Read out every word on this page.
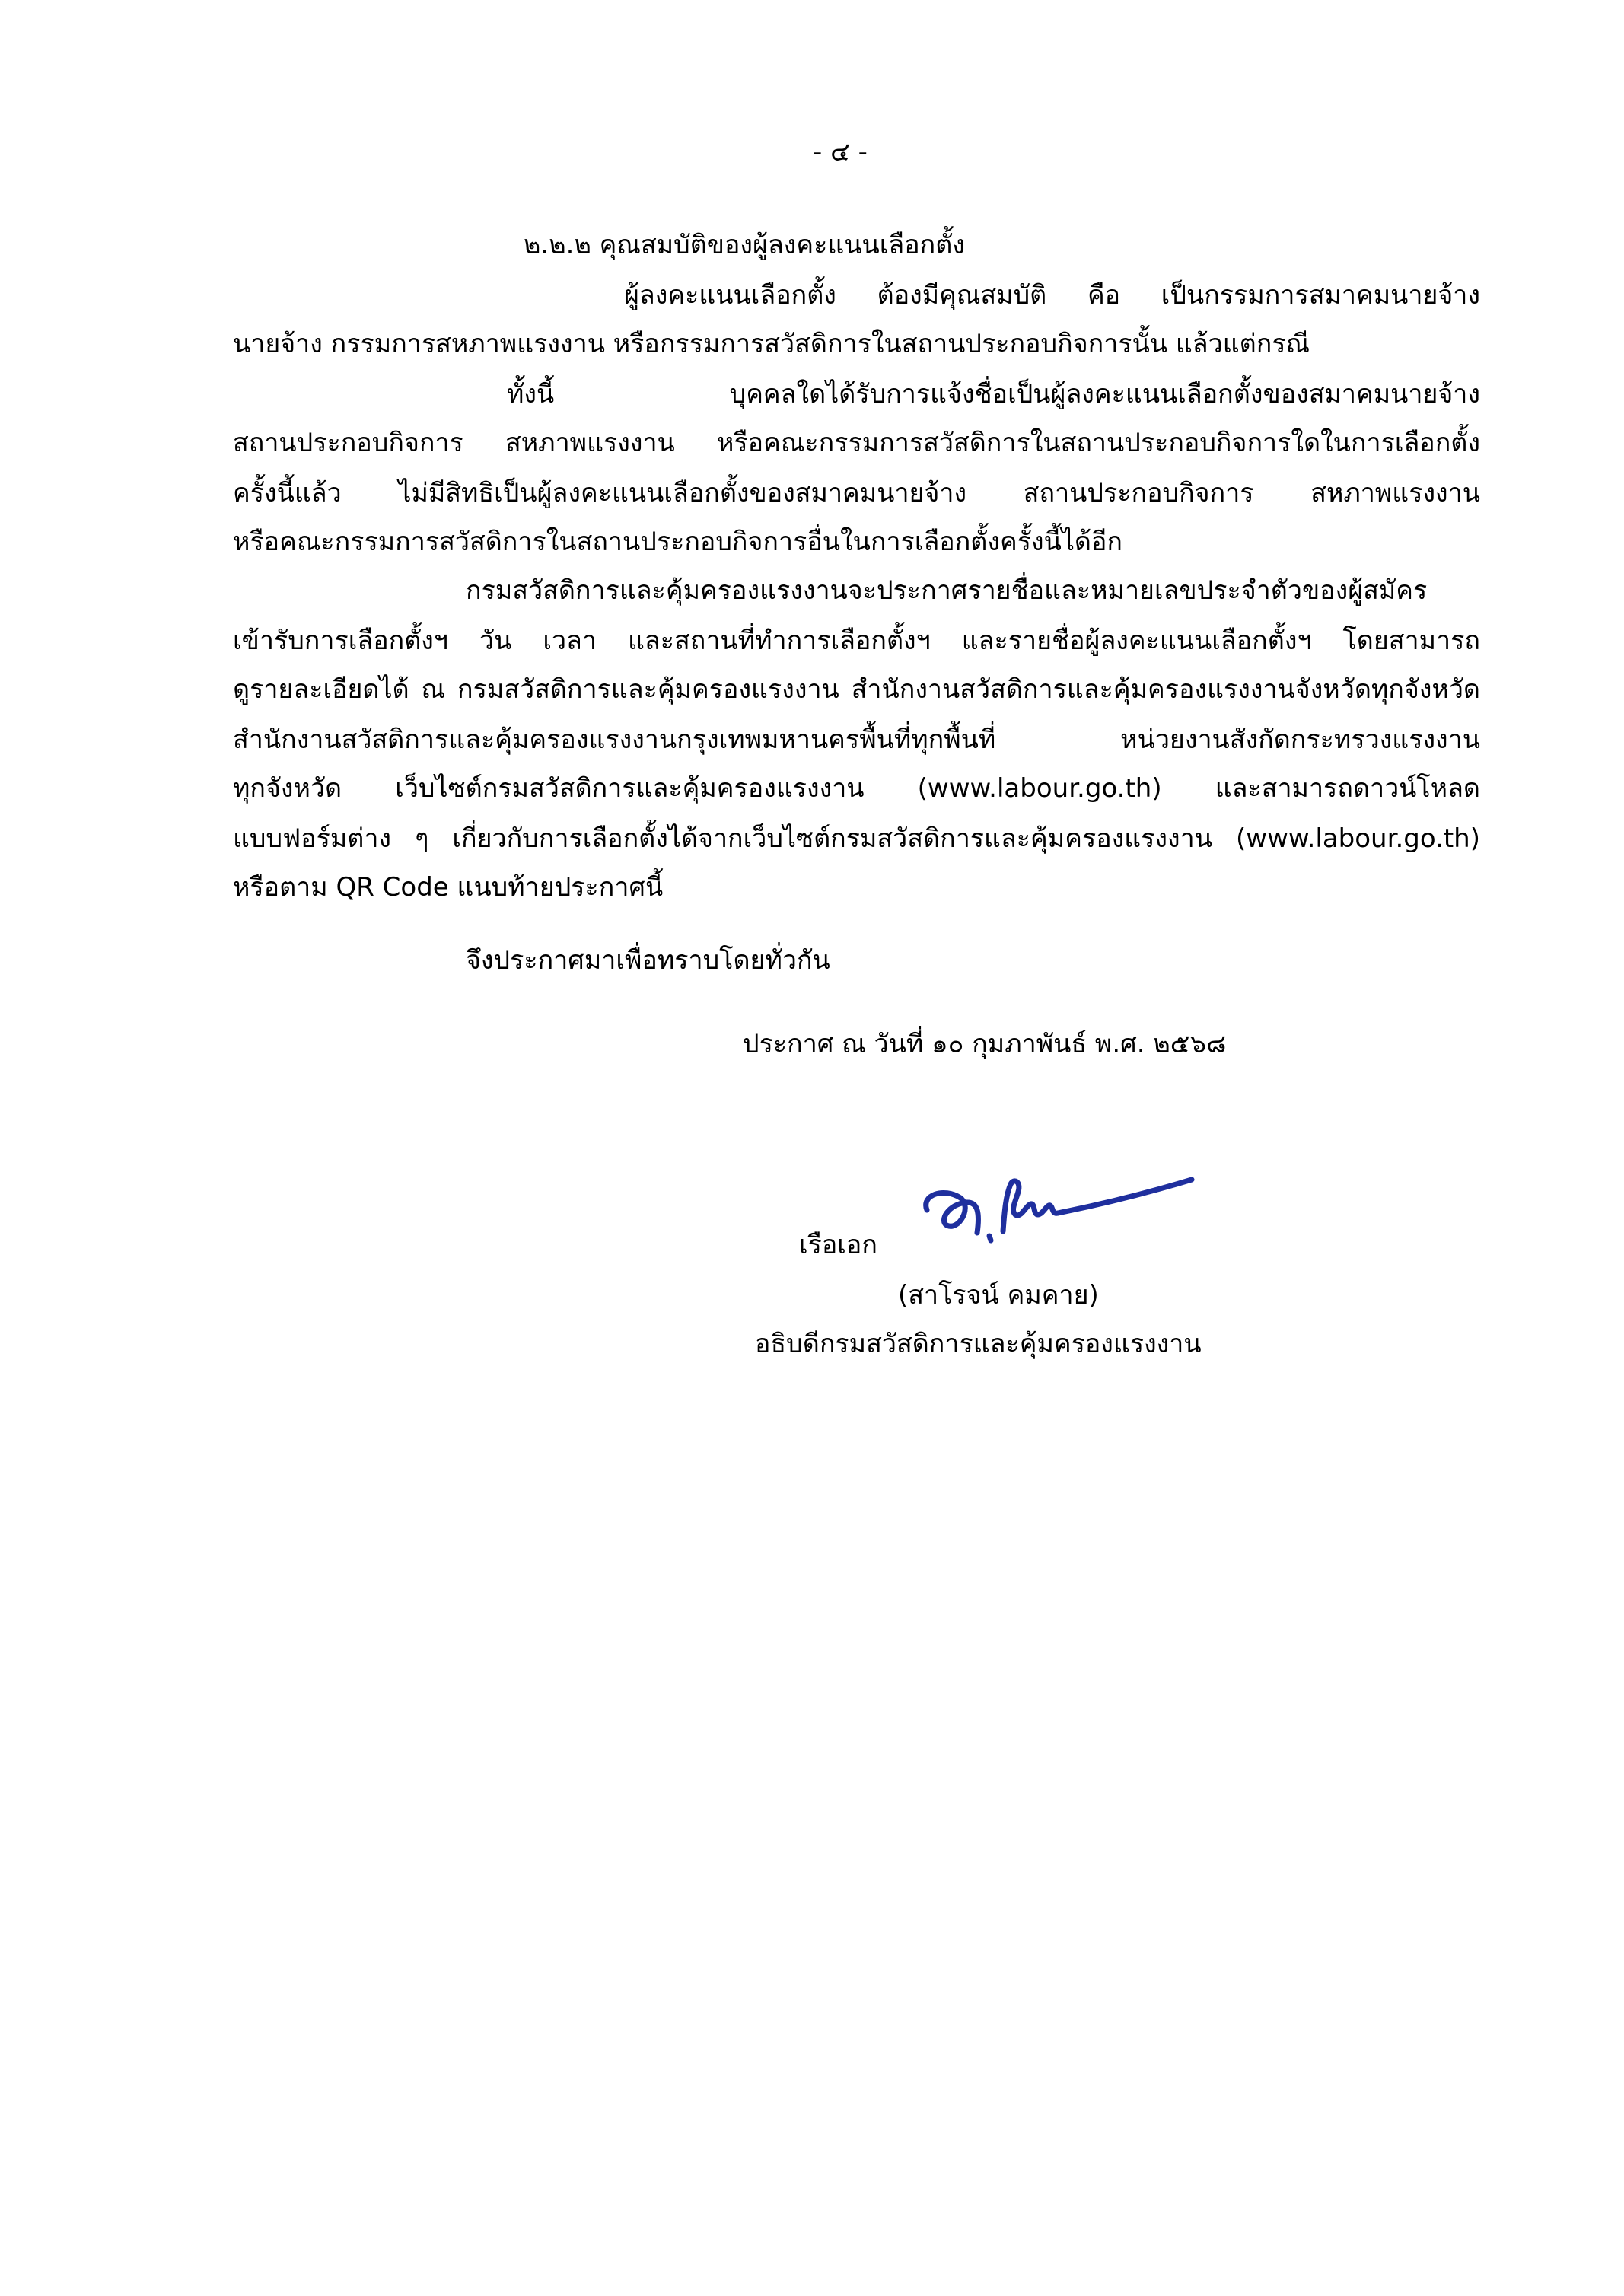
- ๔ -
๒.๒.๒ คุณสมบัติของผู้ลงคะแนนเลือกตั้ง
ผู้ลงคะแนนเลือกตั้ง ต้องมีคุณสมบัติ คือ เป็นกรรมการสมาคมนายจ้าง
นายจ้าง กรรมการสหภาพแรงงาน หรือกรรมการสวัสดิการในสถานประกอบกิจการนั้น แล้วแต่กรณี
ทั้งนี้ บุคคลใดได้รับการแจ้งชื่อเป็นผู้ลงคะแนนเลือกตั้งของสมาคมนายจ้าง
สถานประกอบกิจการ สหภาพแรงงาน หรือคณะกรรมการสวัสดิการในสถานประกอบกิจการใดในการเลือกตั้ง
ครั้งนี้แล้ว ไม่มีสิทธิเป็นผู้ลงคะแนนเลือกตั้งของสมาคมนายจ้าง สถานประกอบกิจการ สหภาพแรงงาน
หรือคณะกรรมการสวัสดิการในสถานประกอบกิจการอื่นในการเลือกตั้งครั้งนี้ได้อีก
กรมสวัสดิการและคุ้มครองแรงงานจะประกาศรายชื่อและหมายเลขประจำตัวของผู้สมัคร
เข้ารับการเลือกตั้งฯ วัน เวลา และสถานที่ทำการเลือกตั้งฯ และรายชื่อผู้ลงคะแนนเลือกตั้งฯ โดยสามารถ
ดูรายละเอียดได้ ณ กรมสวัสดิการและคุ้มครองแรงงาน สำนักงานสวัสดิการและคุ้มครองแรงงานจังหวัดทุกจังหวัด
สำนักงานสวัสดิการและคุ้มครองแรงงานกรุงเทพมหานครพื้นที่ทุกพื้นที่ หน่วยงานสังกัดกระทรวงแรงงาน
ทุกจังหวัด เว็บไซต์กรมสวัสดิการและคุ้มครองแรงงาน (www.labour.go.th) และสามารถดาวน์โหลด
แบบฟอร์มต่าง ๆ เกี่ยวกับการเลือกตั้งได้จากเว็บไซต์กรมสวัสดิการและคุ้มครองแรงงาน (www.labour.go.th)
หรือตาม QR Code แนบท้ายประกาศนี้
จึงประกาศมาเพื่อทราบโดยทั่วกัน
ประกาศ ณ วันที่ ๑๐ กุมภาพันธ์ พ.ศ. ๒๕๖๘
เรือเอก
(สาโรจน์ คมคาย)
อธิบดีกรมสวัสดิการและคุ้มครองแรงงาน
